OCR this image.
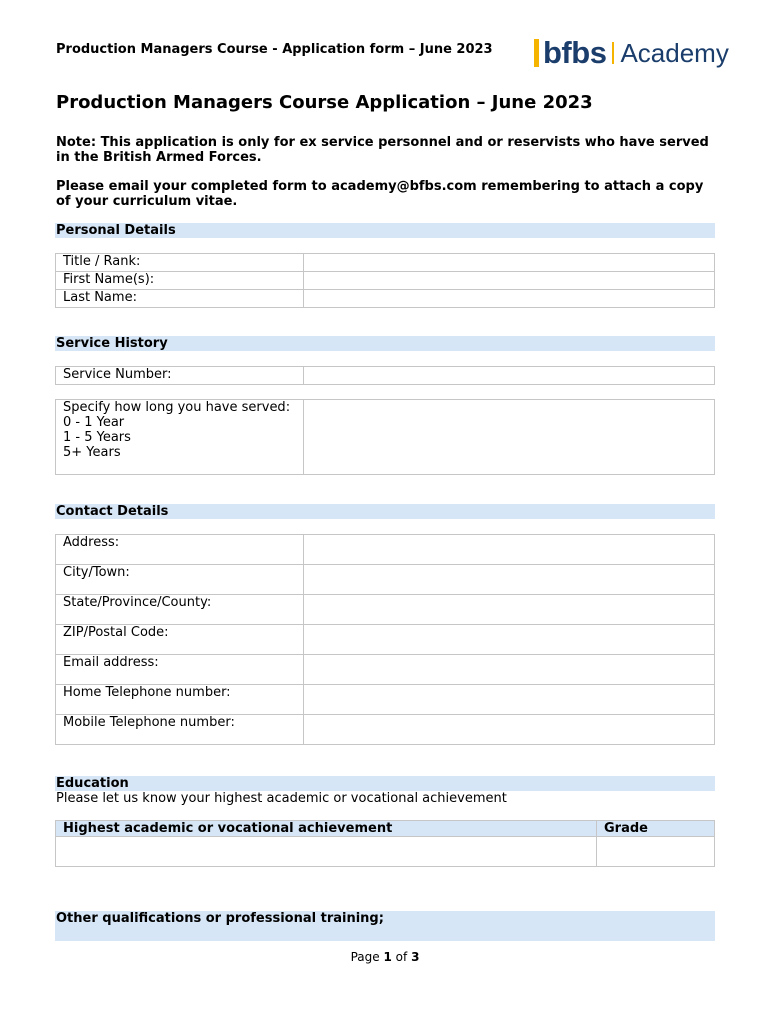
Production Managers Course - Application form – June 2023 bfbs Academy
Production Managers Course Application – June 2023
Note: This application is only for ex service personnel and or reservists who have served in the British Armed Forces.
Please email your completed form to academy@bfbs.com remembering to attach a copy of your curriculum vitae.
Personal Details
Title / Rank:	
First Name(s):	
Last Name:	
Service History
Service Number:	
Specify how long you have served:
0 - 1 Year
1 - 5 Years
5+ Years

Contact Details
Address:	
City/Town:	
State/Province/County:	
ZIP/Postal Code:	
Email address:	
Home Telephone number:	
Mobile Telephone number:	
Education
Please let us know your highest academic or vocational achievement
Highest academic or vocational achievement	Grade

Other qualifications or professional training;
Page 1 of 3
